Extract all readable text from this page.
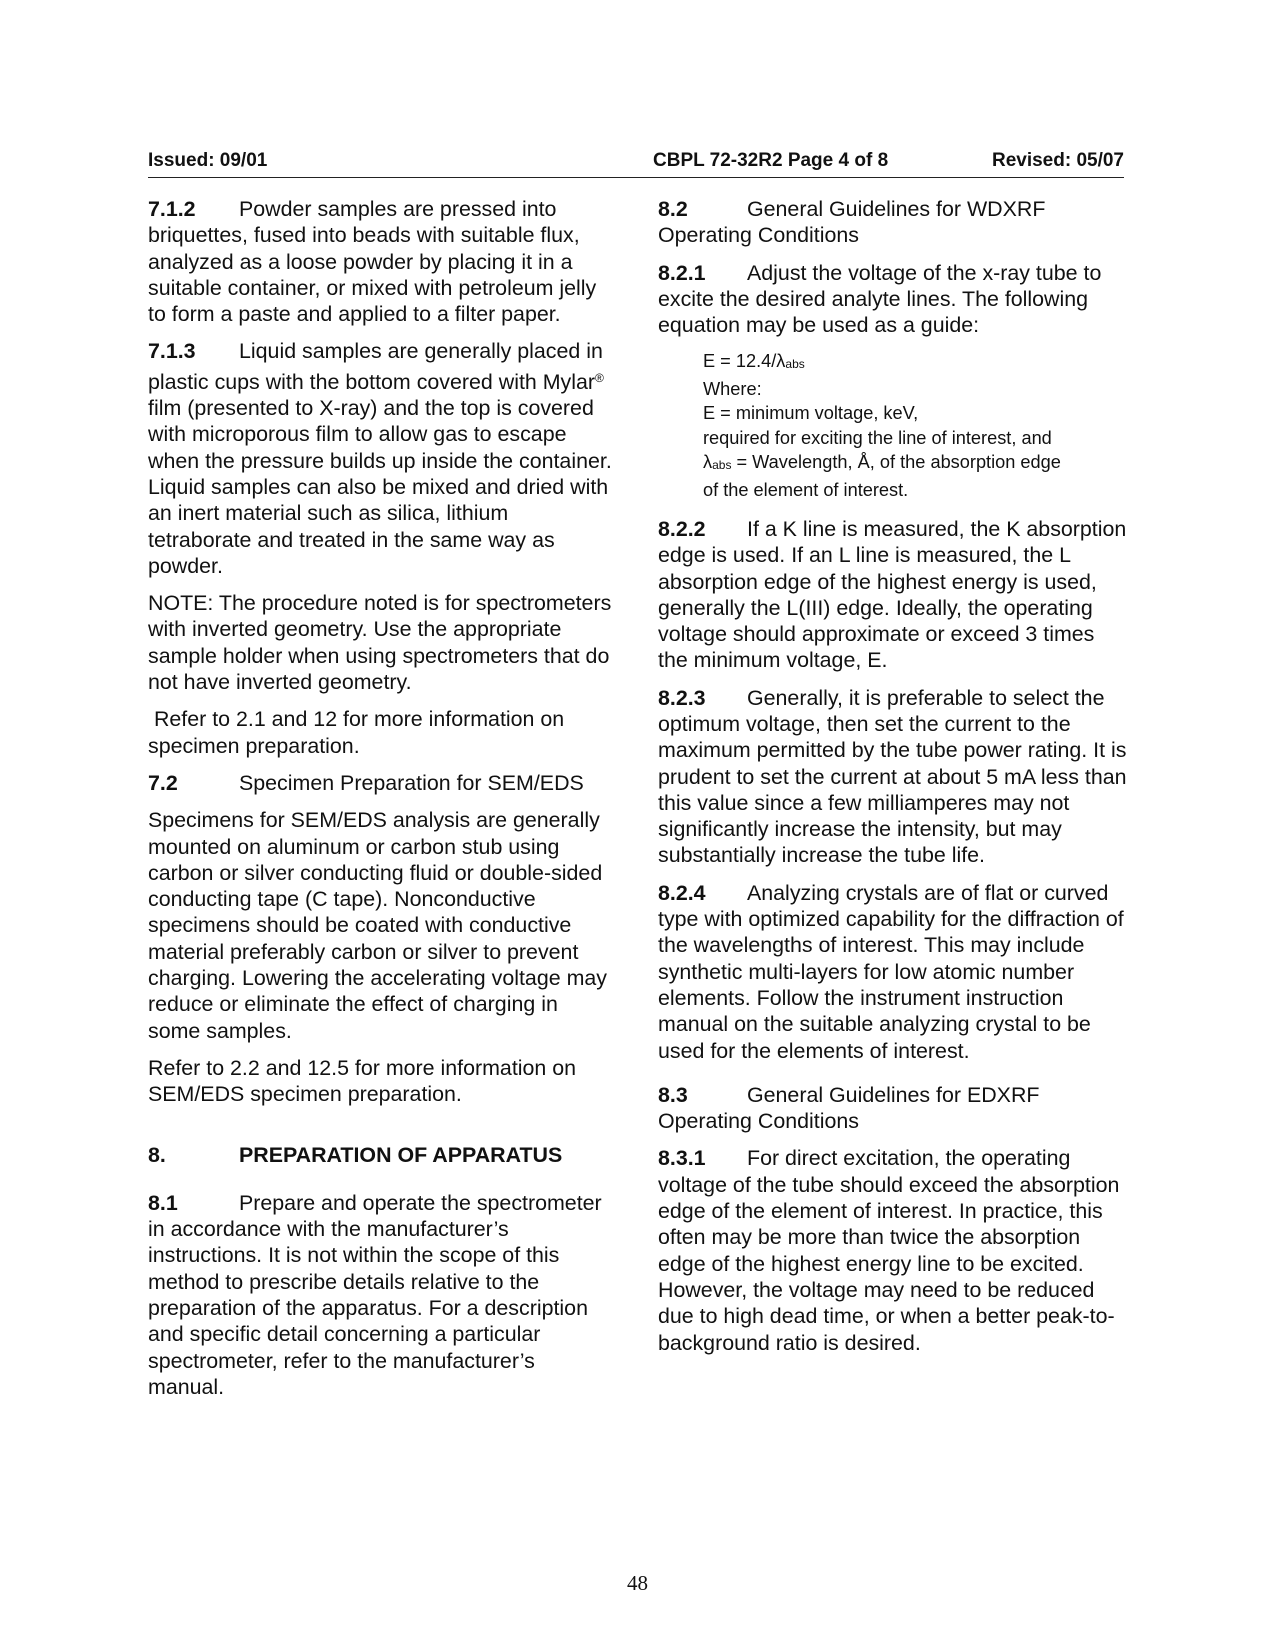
Issued: 09/01	CBPL 72-32R2 Page 4 of 8	Revised: 05/07

7.1.2 Powder samples are pressed into briquettes, fused into beads with suitable flux, analyzed as a loose powder by placing it in a suitable container, or mixed with petroleum jelly to form a paste and applied to a filter paper.

7.1.3 Liquid samples are generally placed in plastic cups with the bottom covered with Mylar® film (presented to X-ray) and the top is covered with microporous film to allow gas to escape when the pressure builds up inside the container. Liquid samples can also be mixed and dried with an inert material such as silica, lithium tetraborate and treated in the same way as powder.

NOTE: The procedure noted is for spectrometers with inverted geometry. Use the appropriate sample holder when using spectrometers that do not have inverted geometry.

Refer to 2.1 and 12 for more information on specimen preparation.

7.2	Specimen Preparation for SEM/EDS

Specimens for SEM/EDS analysis are generally mounted on aluminum or carbon stub using carbon or silver conducting fluid or double-sided conducting tape (C tape). Nonconductive specimens should be coated with conductive material preferably carbon or silver to prevent charging. Lowering the accelerating voltage may reduce or eliminate the effect of charging in some samples.

Refer to 2.2 and 12.5 for more information on SEM/EDS specimen preparation.

8.	PREPARATION OF APPARATUS

8.1	Prepare and operate the spectrometer in accordance with the manufacturer’s instructions. It is not within the scope of this method to prescribe details relative to the preparation of the apparatus. For a description and specific detail concerning a particular spectrometer, refer to the manufacturer’s manual.

8.2	General Guidelines for WDXRF Operating Conditions

8.2.1 Adjust the voltage of the x-ray tube to excite the desired analyte lines. The following equation may be used as a guide:

$E = 12.4/\lambda_{abs}$
Where:
E = minimum voltage, keV,
required for exciting the line of interest, and
$\lambda_{abs}$ = Wavelength, Å, of the absorption edge
of the element of interest.

8.2.2 If a K line is measured, the K absorption edge is used. If an L line is measured, the L absorption edge of the highest energy is used, generally the L(III) edge. Ideally, the operating voltage should approximate or exceed 3 times the minimum voltage, E.

8.2.3 Generally, it is preferable to select the optimum voltage, then set the current to the maximum permitted by the tube power rating. It is prudent to set the current at about 5 mA less than this value since a few milliamperes may not significantly increase the intensity, but may substantially increase the tube life.

8.2.4 Analyzing crystals are of flat or curved type with optimized capability for the diffraction of the wavelengths of interest. This may include synthetic multi-layers for low atomic number elements. Follow the instrument instruction manual on the suitable analyzing crystal to be used for the elements of interest.

8.3	General Guidelines for EDXRF Operating Conditions

8.3.1 For direct excitation, the operating voltage of the tube should exceed the absorption edge of the element of interest. In practice, this often may be more than twice the absorption edge of the highest energy line to be excited. However, the voltage may need to be reduced due to high dead time, or when a better peak-to-background ratio is desired.

48
